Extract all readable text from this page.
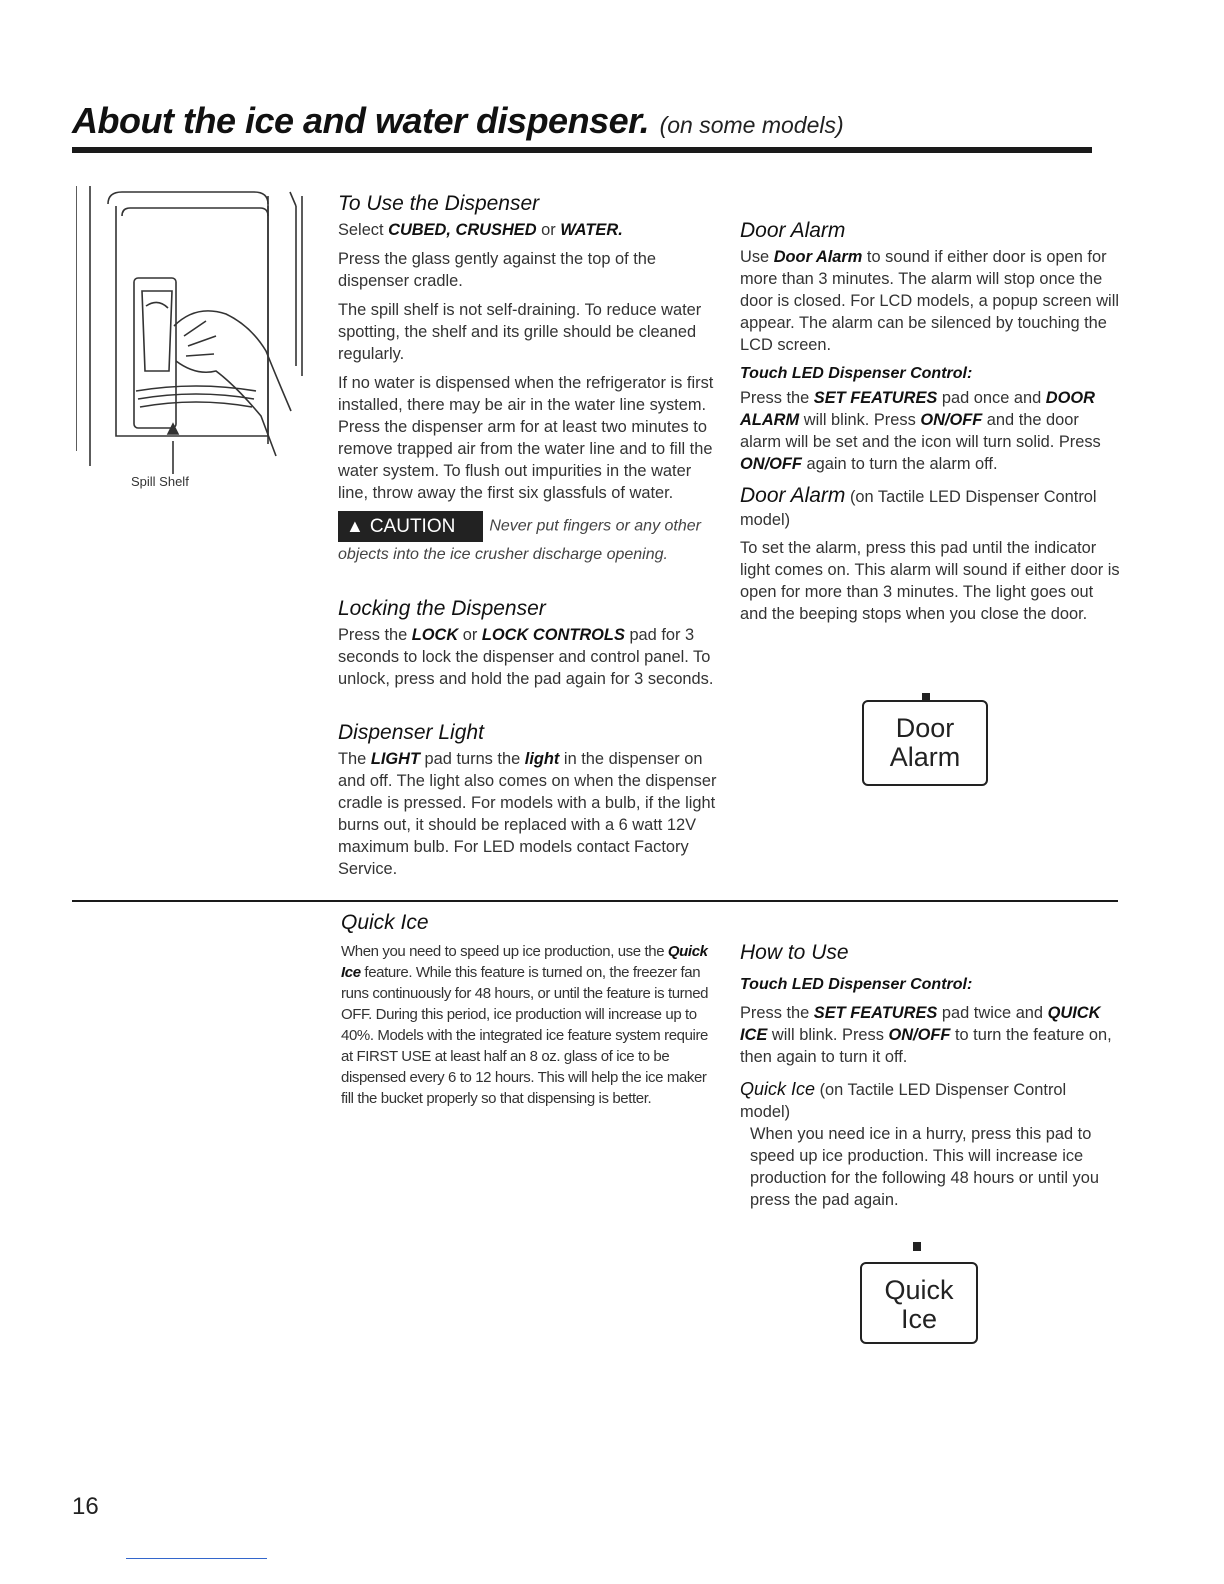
About the ice and water dispenser. (on some models)
Spill Shelf
To Use the Dispenser

Select CUBED, CRUSHED or WATER.

Press the glass gently against the top of the dispenser cradle.

The spill shelf is not self-draining. To reduce water spotting, the shelf and its grille should be cleaned regularly.

If no water is dispensed when the refrigerator is first installed, there may be air in the water line system. Press the dispenser arm for at least two minutes to remove trapped air from the water line and to fill the water system. To flush out impurities in the water line, throw away the first six glassfuls of water.

▲ CAUTION Never put fingers or any other
objects into the ice crusher discharge opening.
Locking the Dispenser

Press the LOCK or LOCK CONTROLS pad for 3 seconds to lock the dispenser and control panel. To unlock, press and hold the pad again for 3 seconds.

Dispenser Light

The LIGHT pad turns the light in the dispenser on and off. The light also comes on when the dispenser cradle is pressed. For models with a bulb, if the light burns out, it should be replaced with a 6 watt 12V maximum bulb. For LED models contact Factory Service.

Door Alarm

Use Door Alarm to sound if either door is open for more than 3 minutes. The alarm will stop once the door is closed. For LCD models, a popup screen will appear. The alarm can be silenced by touching the LCD screen.

Touch LED Dispenser Control:

Press the SET FEATURES pad once and DOOR ALARM will blink. Press ON/OFF and the door alarm will be set and the icon will turn solid. Press ON/OFF again to turn the alarm off.

Door Alarm (on Tactile LED Dispenser Control model)

To set the alarm, press this pad until the indicator light comes on. This alarm will sound if either door is open for more than 3 minutes. The light goes out and the beeping stops when you close the door.

Door
Alarm
Quick Ice

When you need to speed up ice production, use the Quick Ice feature. While this feature is turned on, the freezer fan runs continuously for 48 hours, or until the feature is turned OFF. During this period, ice production will increase up to 40%. Models with the integrated ice feature system require at FIRST USE at least half an 8 oz. glass of ice to be dispensed every 6 to 12 hours. This will help the ice maker fill the bucket properly so that dispensing is better.

How to Use
Touch LED Dispenser Control:

Press the SET FEATURES pad twice and QUICK ICE will blink. Press ON/OFF to turn the feature on, then again to turn it off.

Quick Ice (on Tactile LED Dispenser Control model)

When you need ice in a hurry, press this pad to speed up ice production. This will increase ice production for the following 48 hours or until you press the pad again.

Quick
Ice
16
